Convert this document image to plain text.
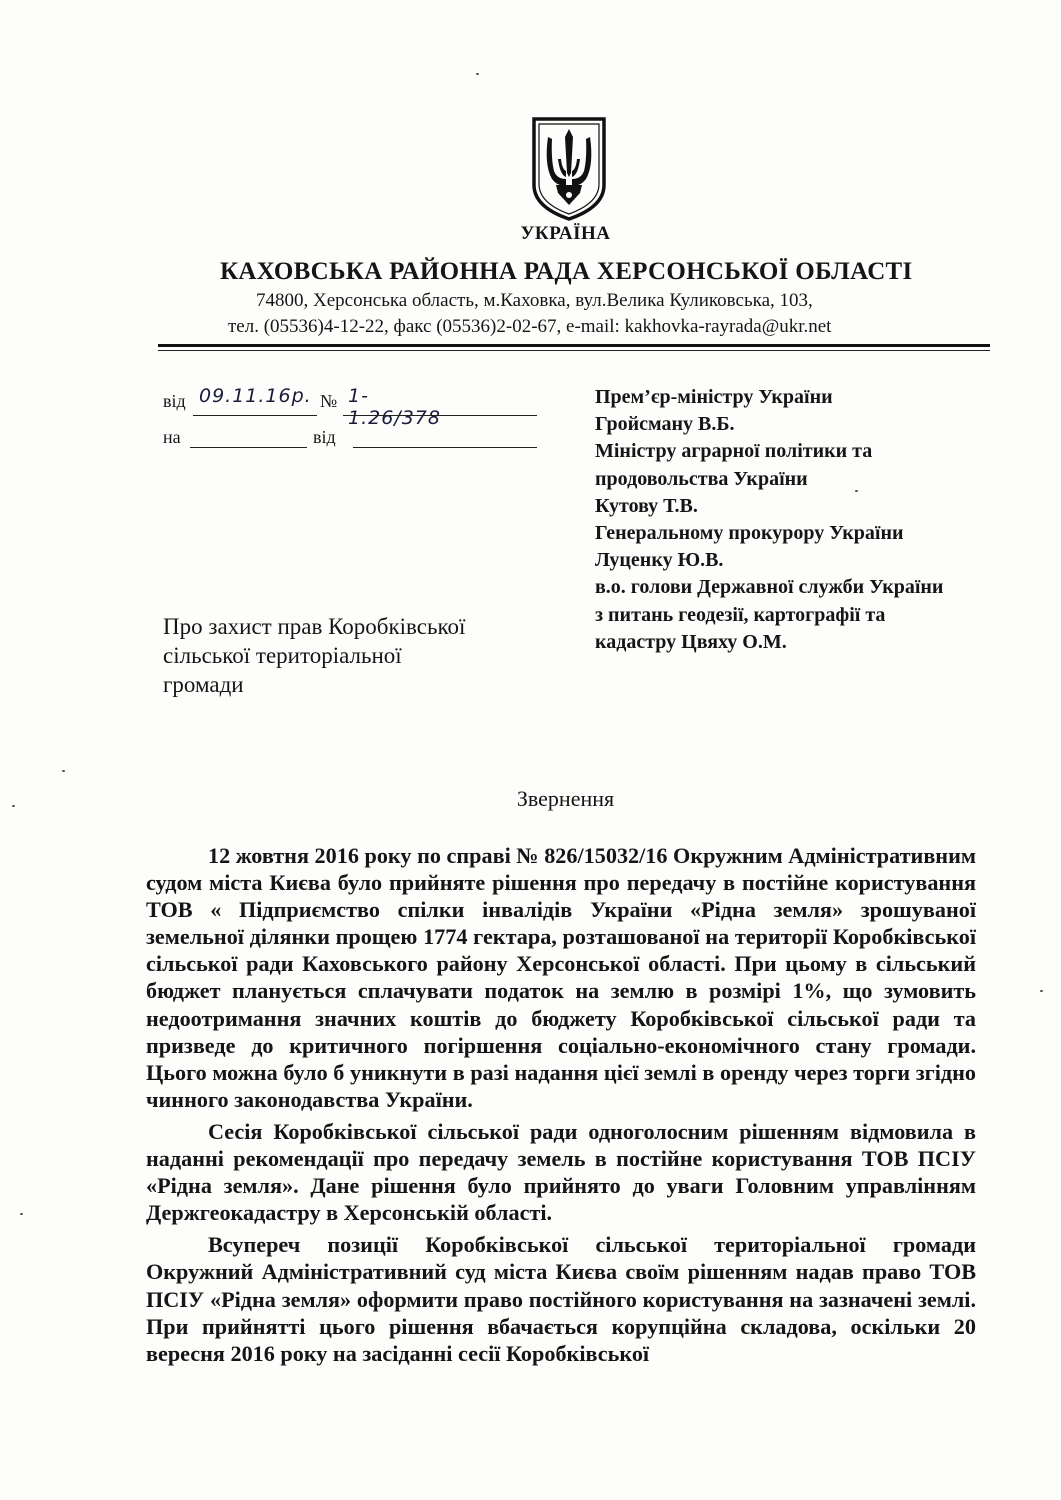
УКРАЇНА
КАХОВСЬКА РАЙОННА РАДА ХЕРСОНСЬКОЇ ОБЛАСТІ
74800, Херсонська область, м.Каховка, вул.Велика Куликовська, 103,
тел. (05536)4-12-22, факс (05536)2-02-67, e-mail: kakhovka-rayrada@ukr.net
від 09.11.16р. № 1-1.26/378
на	від
Прем’єр-міністру України
Гройсману В.Б.
Міністру аграрної політики та
продовольства України
Кутову Т.В.
Генеральному прокурору України
Луценку Ю.В.
в.о. голови Державної служби України
з питань геодезії, картографії та
кадастру Цвяху О.М.
Про захист прав Коробківської
сільської територіальної
громади
Звернення

12 жовтня 2016 року по справі № 826/15032/16 Окружним Адміністративним судом міста Києва було прийняте рішення про передачу в постійне користування ТОВ « Підприємство спілки інвалідів України «Рідна земля» зрошуваної земельної ділянки прощею 1774 гектара, розташованої на території Коробківської сільської ради Каховського району Херсонської області. При цьому в сільський бюджет планується сплачувати податок на землю в розмірі 1%, що зумовить недоотримання значних коштів до бюджету Коробківської сільської ради та призведе до критичного погіршення соціально-економічного стану громади. Цього можна було б уникнути в разі надання цієї землі в оренду через торги згідно чинного законодавства України.

Сесія Коробківської сільської ради одноголосним рішенням відмовила в наданні рекомендації про передачу земель в постійне користування ТОВ ПСІУ «Рідна земля». Дане рішення було прийнято до уваги Головним управлінням Держгеокадастру в Херсонській області.

Всупереч позиції Коробківської сільської територіальної громади Окружний Адміністративний суд міста Києва своїм рішенням надав право ТОВ ПСІУ «Рідна земля» оформити право постійного користування на зазначені землі. При прийнятті цього рішення вбачається корупційна складова, оскільки 20 вересня 2016 року на засіданні сесії Коробківської
